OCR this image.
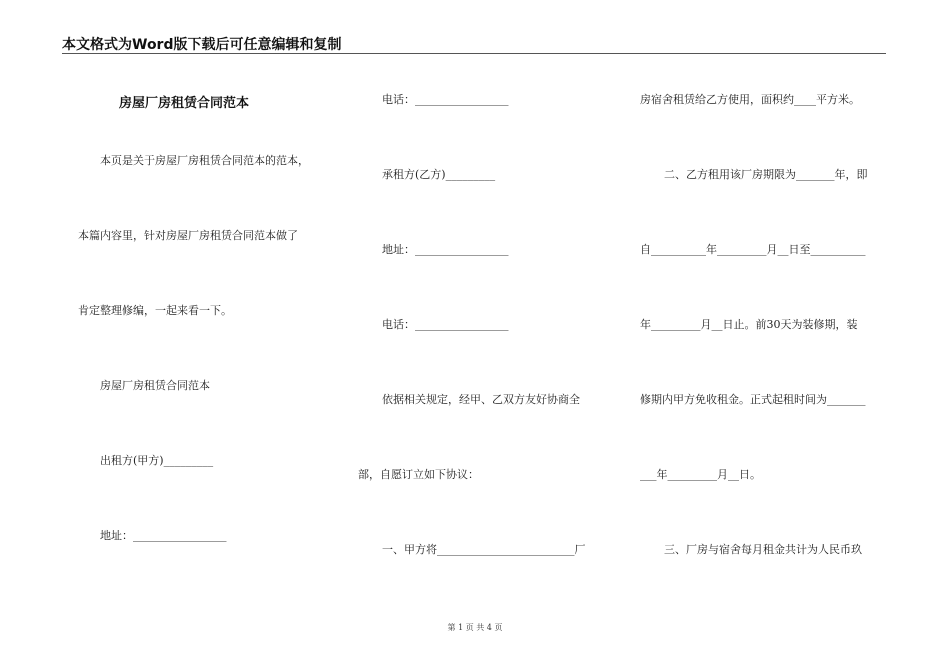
本文格式为Word版下载后可任意编辑和复制
房屋厂房租赁合同范本
本页是关于房屋厂房租赁合同范本的范本，
本篇内容里，针对房屋厂房租赁合同范本做了
肯定整理修编，一起来看一下。
房屋厂房租赁合同范本
出租方(甲方)_________
地址：_________________
电话：_________________
承租方(乙方)_________
地址：_________________
电话：_________________
依据相关规定，经甲、乙双方友好协商全
部，自愿订立如下协议：
一、甲方将_________________________厂
房宿舍租赁给乙方使用，面积约____平方米。
二、乙方租用该厂房期限为_______年，即
自__________年_________月__日至__________
年_________月__日止。前30天为装修期，装
修期内甲方免收租金。正式起租时间为_______
___年_________月__日。
三、厂房与宿舍每月租金共计为人民币玖
第 1 页 共 4 页
